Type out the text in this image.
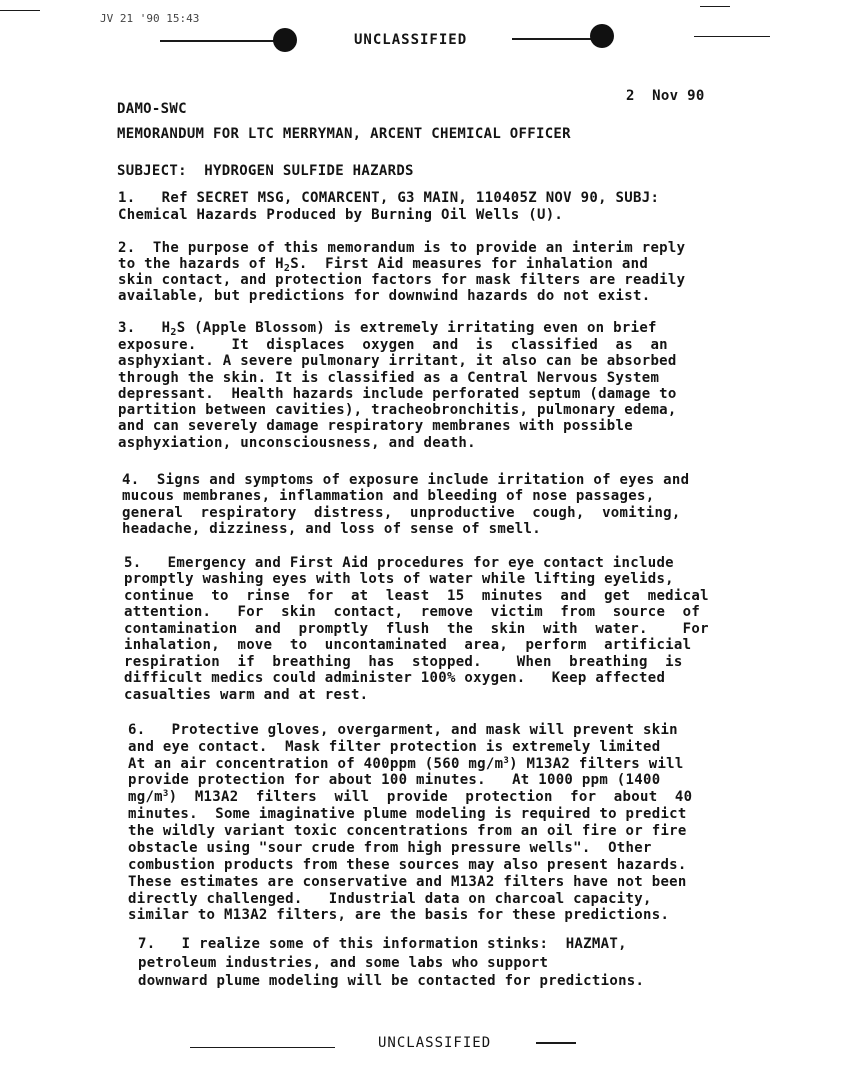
JV 21 '90 15:43
UNCLASSIFIED
2  Nov 90
DAMO-SWC
MEMORANDUM FOR LTC MERRYMAN, ARCENT CHEMICAL OFFICER
SUBJECT:  HYDROGEN SULFIDE HAZARDS
1.   Ref SECRET MSG, COMARCENT, G3 MAIN, 110405Z NOV 90, SUBJ:
Chemical Hazards Produced by Burning Oil Wells (U).
2.  The purpose of this memorandum is to provide an interim reply
to the hazards of $H_2S$.  First Aid measures for inhalation and
skin contact, and protection factors for mask filters are readily
available, but predictions for downwind hazards do not exist.
3.   $H_2S$ (Apple Blossom) is extremely irritating even on brief
exposure.    It  displaces  oxygen  and  is  classified  as  an
asphyxiant. A severe pulmonary irritant, it also can be absorbed
through the skin. It is classified as a Central Nervous System
depressant.  Health hazards include perforated septum (damage to
partition between cavities), tracheobronchitis, pulmonary edema,
and can severely damage respiratory membranes with possible
asphyxiation, unconsciousness, and death.
4.  Signs and symptoms of exposure include irritation of eyes and
mucous membranes, inflammation and bleeding of nose passages,
general  respiratory  distress,  unproductive  cough,  vomiting,
headache, dizziness, and loss of sense of smell.
5.   Emergency and First Aid procedures for eye contact include
promptly washing eyes with lots of water while lifting eyelids,
continue  to  rinse  for  at  least  15  minutes  and  get  medical
attention.   For  skin  contact,  remove  victim  from  source  of
contamination  and  promptly  flush  the  skin  with  water.    For
inhalation,  move  to  uncontaminated  area,  perform  artificial
respiration  if  breathing  has  stopped.    When  breathing  is
difficult medics could administer 100% oxygen.   Keep affected
casualties warm and at rest.
6.   Protective gloves, overgarment, and mask will prevent skin
and eye contact.  Mask filter protection is extremely limited
At an air concentration of 400ppm (560 $mg/m^3$) M13A2 filters will
provide protection for about 100 minutes.   At 1000 ppm (1400
$mg/m^3$)  M13A2  filters  will  provide  protection  for  about  40
minutes.  Some imaginative plume modeling is required to predict
the wildly variant toxic concentrations from an oil fire or fire
obstacle using "sour crude from high pressure wells".  Other
combustion products from these sources may also present hazards.
These estimates are conservative and M13A2 filters have not been
directly challenged.   Industrial data on charcoal capacity,
similar to M13A2 filters, are the basis for these predictions.
7.   I realize some of this information stinks:  HAZMAT,
petroleum industries, and some labs who support
downward plume modeling will be contacted for predictions.
UNCLASSIFIED
